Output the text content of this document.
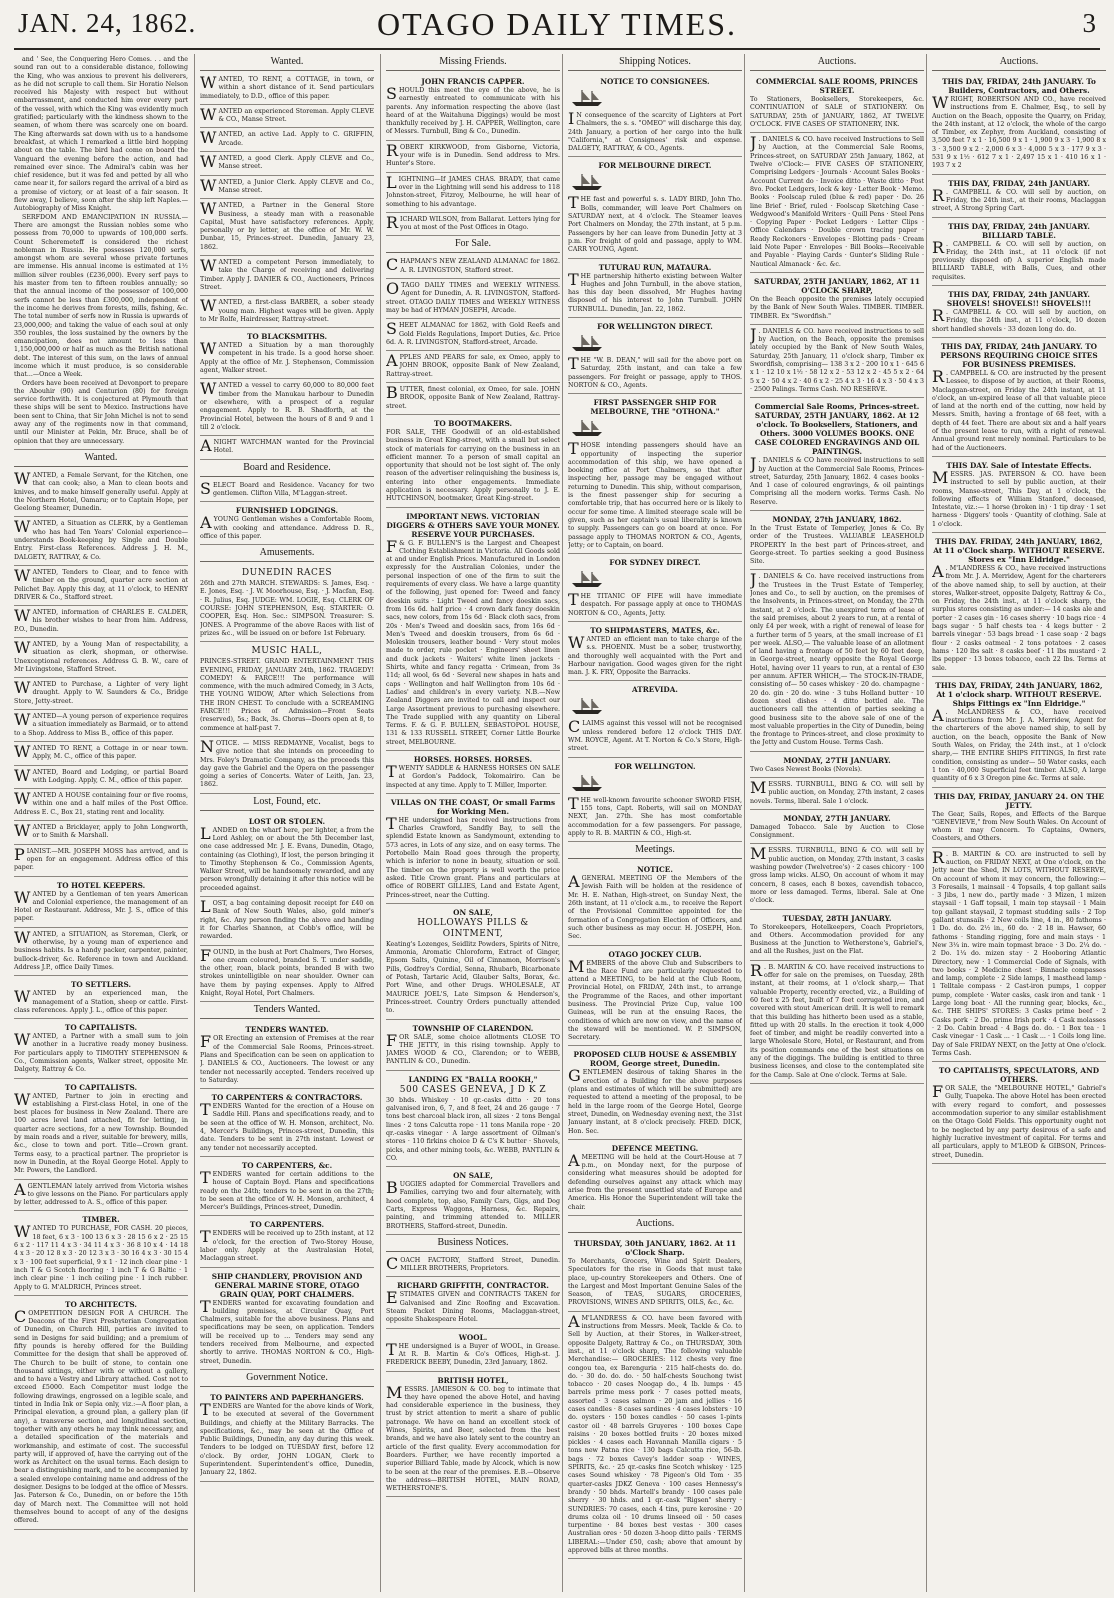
JAN. 24, 1862.	OTAGO DAILY TIMES.	3

and ' See, the Conquering Hero Comes. . . and the sound ran out to a considerable distance, following the King, who was anxious to prevent his deliverers, as he did not scruple to call them. Sir Horatio Nelson received his Majesty with respect but without embarrassment, and conducted him over every part of the vessel, with which the King was evidently much gratified; particularly with the kindness shown to the seamen, of whom there was scarcely one on board. The King afterwards sat down with us to a handsome breakfast, at which I remarked a little bird hopping about on the table. The bird had come on board the Vanguard the evening before the action, and had remained ever since. The Admiral's cabin was her chief residence, but it was fed and petted by all who came near it, for sailors regard the arrival of a bird as a promise of victory, or at least of a fair season. It flew away, I believe, soon after the ship left Naples.—Autobiography of Miss Knight.

SERFDOM AND EMANCIPATION IN RUSSIA.—There are amongst the Russian nobles some who possess from 70,000 to upwards of 100,000 serfs. Count Scheremeteff is considered the richest nobleman in Russia. He possesses 120,000 serfs, amongst whom are several whose private fortunes are immense. His annual income is estimated at 1½ million silver roubles (£236,000). Every serf pays to his master from ten to fifteen roubles annually; so that the annual income of the possessor of 100,000 serfs cannot be less than £300,000, independent of the income he derives from forests, mills, fishing, &c. The total number of serfs now in Russia is upwards of 23,000,000; and taking the value of each soul at only 350 roubles, the loss sustained by the owners by the emancipation, does not amount to less than 1,150,000,000 or half as much as the British national debt. The interest of this sum, on the laws of annual income which it must produce, is so considerable that...—Once a Week.

Orders have been received at Devonport to prepare the Abouhir (90) and Centurion (80) for foreign service forthwith. It is conjectured at Plymouth that these ships will be sent to Mexico. Instructions have been sent to China, that Sir John Michel is not to send away any of the regiments now in that command, until our Minister at Pekin, Mr. Bruce, shall be of opinion that they are unnecessary.

Wanted.
WANTED, a Female Servant, for the Kitchen, one that can cook; also, a Man to clean boots and knives, and to make himself generally useful. Apply at the Northern Hotel, Oamaru; or to Captain Hope, per Geelong Steamer, Dunedin.
WANTED, a Situation as CLERK, by a Gentleman who has had Ten Years' Colonial experience—understands Book-keeping by Single and Double Entry. First-class References. Address J. H. M., DALGETY, RATTRAY, & Co.
WANTED, Tenders to Clear, and to fence with timber on the ground, quarter acre section at Pelichet Bay. Apply this day, at 11 o'clock, to HENRY DRIVER & Co., Stafford street.
WANTED, information of CHARLES E. CALDER, his brother wishes to hear from him. Address, P.O., Dunedin.
WANTED, by a Young Man of respectability, a situation as clerk, shopman, or otherwise. Unexceptional references. Address G. B. W., care of Mr Livingstone, Stafford Street.
WANTED to Purchase, a Lighter of very light draught. Apply to W. Saunders & Co., Bridge Store, Jetty-street.
WANTED—A young person of experience requires a situation immediately as Barmaid, or to attend to a Shop. Address to Miss B., office of this paper.
WANTED TO RENT, a Cottage in or near town. Apply, M. C., office of this paper.
WANTED, Board and Lodging, or partial Board with Lodging. Apply, C. M., office of this paper.
WANTED A HOUSE containing four or five rooms, within one and a half miles of the Post Office. Address E. C., Box 21, stating rent and locality.
WANTED a Bricklayer, apply to John Longworth, or to Smith & Marshall.
PIANIST.—MR. JOSEPH MOSS has arrived, and is open for an engagement. Address office of this paper.
TO HOTEL KEEPERS.
WANTED by a Gentleman of ten years American and Colonial experience, the management of an Hotel or Restaurant. Address, Mr. J. S., office of this paper.
WANTED, a SITUATION, as Storeman, Clerk, or otherwise, by a young man of experience and business habits. Is a handy packer, carpenter, painter, bullock-driver, &c. Reference in town and Auckland. Address J.P., office Daily Times.
TO SETTLERS.
WANTED by an experienced man, the management of a Station, sheep or cattle. First-class references. Apply J. L., office of this paper.
TO CAPITALISTS.
WANTED, a Partner with a small sum to join another in a lucrative ready money business. For particulars apply to TIMOTHY STEPHENSON & Co., Commission agents, Walker street, opposite Mr. Dalgety, Rattray & Co.
TO CAPITALISTS.
WANTED, Partner to join in erecting and establishing a First-class Hotel, in one of the best places for business in New Zealand. There are 100 acres level land attached, fit for letting, in quarter acre sections, for a new Township. Bounded by main roads and a river, suitable for brewery, mills, &c., close to town and port. Title—Crown grant. Terms easy, to a practical partner. The proprietor is now in Dunedin, at the Royal George Hotel. Apply to Mr. Powers, the Landlord.
A GENTLEMAN lately arrived from Victoria wishes to give lessons on the Piano. For particulars apply by letter, addressed to A. S., office of this paper.
TIMBER.
WANTED TO PURCHASE, FOR CASH. 20 pieces, 18 feet, 6 x 3 · 100 13 6 x 3 · 28 15 6 x 2 · 25 15 6 x 2 · 117 11 4 x 3 · 34 11 4 x 3 · 36 8 10 x 4 · 14 18 4 x 3 · 20 12 8 x 3 · 20 12 3 x 3 · 30 16 4 x 3 · 30 15 4 x 3 · 100 feet superficial, 9 x 1 · 12 inch clear pine · 1 inch T & G Scotch flooring · 1 inch T & G Baltic · 1 inch clear pine · 1 inch ceiling pine · 1 inch rubber. Apply to G. M'ALDRICH, Princes street.
TO ARCHITECTS.
COMPETITION DESIGN FOR A CHURCH. The Deacons of the First Presbyterian Congregation of Dunedin, on Church Hill, parties are invited to send in Designs for said building; and a premium of fifty pounds is hereby offered for the Building Committee for the design that shall be approved of. The Church to be built of stone, to contain one thousand sittings, either with or without a gallery, and to have a Vestry and Library attached. Cost not to exceed £5000. Each Competitor must lodge the following drawings, engrossed on a legible scale, and tinted in India Ink or Sepia only, viz.:—A floor plan, a Principal elevation, a ground plan, a gallery plan (if any), a transverse section, and longitudinal section, together with any others he may think necessary, and a detailed specification of the materials and workmanship, and estimate of cost. The successful party will, if approved of, have the carrying out of the work as Architect on the usual terms. Each design to bear a distinguishing mark, and to be accompanied by a sealed envelope containing name and address of the designer. Designs to be lodged at the office of Messrs. Jas. Paterson & Co., Dunedin, on or before the 15th day of March next. The Committee will not hold themselves bound to accept of any of the designs offered.
Wanted.
WANTED, TO RENT, a COTTAGE, in town, or within a short distance of it. Send particulars immediately, to D.D., office of this paper.
WANTED an experienced Storeman. Apply CLEVE & CO., Manse Street.
WANTED, an active Lad. Apply to C. GRIFFIN, Arcade.
WANTED, a good Clerk. Apply CLEVE and Co., Manse street.
WANTED, a Junior Clerk. Apply CLEVE and Co., Manse street.
WANTED, a Partner in the General Store Business, a steady man with a reasonable Capital, Must have satisfactory references. Apply, personally or by letter, at the office of Mr. W. W. Dunbar, 15, Princes-street. Dunedin, January 23, 1862.
WANTED a competent Person immediately, to take the Charge of receiving and delivering Timber. Apply J. DANIER & CO., Auctioneers, Princes Street.
WANTED, a first-class BARBER, a sober steady young man. Highest wages will be given. Apply to Mr Rolfe, Hairdresser, Rattray-street.
TO BLACKSMITHS.
WANTED a Situation by a man thoroughly competent in his trade. Is a good horse shoer. Apply at the office of Mr. J. Stephenson, Commission agent, Walker street.
WANTED a vessel to carry 60,000 to 80,000 feet timber from the Manukau harbour to Dunedin or elsewhere, with a prospect of a regular engagement. Apply to R. B. Shadforth, at the Provincial Hotel, between the hours of 8 and 9 and 1 till 2 o'clock.
A NIGHT WATCHMAN wanted for the Provincial Hotel.
Board and Residence.
SELECT Board and Residence. Vacancy for two gentlemen. Clifton Villa, M'Laggan-street.
FURNISHED LODGINGS.
A YOUNG Gentleman wishes a Comfortable Room, with cooking and attendance. Address D. R., office of this paper.
Amusements.
DUNEDIN RACES
26th and 27th MARCH. STEWARDS: S. James, Esq. · E. Jones, Esq. · J. W. Moorhouse, Esq. · J. Macfan, Esq. · R. Julius, Esq. JUDGE: WM. LOGIE, Esq. CLERK OF COURSE: JOHN STEPHENSON, Esq. STARTER: O. COOPER, Esq. Hon. Sec.: SIMPSON. Treasurer: S. JONES. A Programme of the above Races with list of prizes &c., will be issued on or before 1st February.
MUSIC HALL,
PRINCES-STREET. GRAND ENTERTAINMENT THIS EVENING, FRIDAY, JANUARY 24th, 1862. TRAGEDY! COMEDY! & FARCE!!! The performance will commence, with the much admired Comedy, in 3 Acts, THE YOUNG WIDOW, After which Selections from THE IRON CHEST. To conclude with a SCREAMING FARCE!!! Prices of Admission—Front Seats (reserved), 5s.; Back, 3s. Chorus—Doors open at 8, to commence at half-past 7.
NOTICE. — MISS REDMAYNE, Vocalist, begs to give notice that she intends on proceeding to Mrs. Foley's Dramatic Company, as the proceeds this day gave the Gabriel and the Opera on the passenger going a series of Concerts. Water of Leith, Jan. 23, 1862.
Lost, Found, etc.
LOST OR STOLEN.
LANDED on the wharf here, per lighter, a from the Lord Ashley, on or about the 5th December last, one case addressed Mr. J. E. Evans, Dunedin, Otago, containing (as Clothing), If lost, the person bringing it to Timothy Stephenson & Co., Commission Agents, Walker Street, will be handsomely rewarded, and any person wrongfully detaining it after this notice will be proceeded against.
LOST, a bag containing deposit receipt for £40 on Bank of New South Wales, also, gold miner's right, &c. Any person finding the above and handing it for Charles Shannon, at Cobb's office, will be rewarded.
FOUND, in the bush at Port Chalmers, Two Horses, one cream coloured, branded S. T. under saddle, the other, roan, black points, branded B with two strokes unintelligible on near shoulder. Owner can have them by paying expenses. Apply to Alfred Knight, Royal Hotel, Port Chalmers.
Tenders Wanted.
TENDERS WANTED.
FOR Erecting an extension of Premises at the rear of the Commercial Sale Rooms, Princes-street. Plans and Specification can be seen on application to J. DANIELS & CO., Auctioneers. The lowest or any tender not necessarily accepted. Tenders received up to Saturday.
TO CARPENTERS & CONTRACTORS.
TENDERS Wanted for the erection of a House on Saddle Hill. Plans and specifications ready, and to be seen at the office of W. H. Monson, architect, No. 4, Mercer's Buildings, Princes-street, Dunedin, this date. Tenders to be sent in 27th instant. Lowest or any tender not necessarily accepted.
TO CARPENTERS, &c.
TENDERS wanted for certain additions to the house of Captain Boyd. Plans and specifications ready on the 24th; tenders to be sent in on the 27th; to be seen at the office of W. H. Monson, architect, 4 Mercer's Buildings, Princes-street, Dunedin.
TO CARPENTERS.
TENDERS will be received up to 25th instant, at 12 o'clock, for the erection of Two-Storey House, labor only. Apply at the Australasian Hotel, Maclaggan street.
SHIP CHANDLERY, PROVISION AND GENERAL MARINE STORE, OTAGO GRAIN QUAY, PORT CHALMERS.
TENDERS wanted for excavating foundation and building premises, at Circular Quay, Port Chalmers, suitable for the above business. Plans and specifications may be seen, on application. Tenders will be received up to ... Tenders may send any tenders received from Melbourne, and expected shortly to arrive. THOMAS NORTON & CO., High-street, Dunedin.
Government Notice.
TO PAINTERS AND PAPERHANGERS.
TENDERS are Wanted for the above kinds of Work, to be executed at several of the Government Buildings, and chiefly at the Military Barracks. The specifications, &c., may be seen at the Office of Public Buildings, Dunedin, any day during this week. Tenders to be lodged on TUESDAY first, before 12 o'clock. By order, JOHN LOGAN, Clerk to Superintendent. Superintendent's office, Dunedin, January 22, 1862.
Missing Friends.
JOHN FRANCIS CAPPER.
SHOULD this meet the eye of the above, he is earnestly entreated to communicate with his parents. Any information respecting the above (last heard of at the Waitahuna Diggings) would be most thankfully received by J. H. CAPPER, Wellington, care of Messrs. Turnbull, Bing & Co., Dunedin.
ROBERT KIRKWOOD, from Gisborne, Victoria, your wife is in Dunedin. Send address to Mrs. Hunter's Store.
LIGHTNING—If JAMES CHAS. BRADY, that came over in the Lightning will send his address to 118 Johnston-street, Fitzroy, Melbourne, he will hear of something to his advantage.
RICHARD WILSON, from Ballarat. Letters lying for you at most of the Post Offices in Otago.
For Sale.
CHAPMAN'S NEW ZEALAND ALMANAC for 1862. A. R. LIVINGSTON, Stafford street.
OTAGO DAILY TIMES and WEEKLY WITNESS. Agent for Dunedin, A. R. LIVINGSTON, Stafford-street. OTAGO DAILY TIMES and WEEKLY WITNESS may be had of HYMAN JOSEPH, Arcade.
SHEET ALMANAC for 1862, with Gold Reefs and Gold Fields Regulations, Import Duties, &c. Price 6d. A. R. LIVINGSTON, Stafford-street, Arcade.
APPLES AND PEARS for sale, ex Omeo, apply to JOHN BROOK, opposite Bank of New Zealand, Rattray-street.
BUTTER, finest colonial, ex Omeo, for sale. JOHN BROOK, opposite Bank of New Zealand, Rattray-street.
TO BOOTMAKERS.
FOR SALE, THE Goodwill of an old-established business in Great King-street, with a small but select stock of materials for carrying on the business in an efficient manner. To a person of small capital an opportunity that should not be lost sight of. The only reason of the advertiser relinquishing the business is, entering into other engagements. Immediate application is necessary. Apply personally to J. E. HUTCHINSON, bootmaker, Great King-street.
IMPORTANT NEWS. VICTORIAN DIGGERS & OTHERS SAVE YOUR MONEY. RESERVE YOUR PURCHASES.
F & G. F. BULLEN'S is the Largest and Cheapest Clothing Establishment in Victoria. All Goods sold at and under English Prices. Manufactured in London expressly for the Australian Colonies, under the personal inspection of one of the firm to suit the requirements of every class. We have a large quantity of the following, just opened for: Tweed and fancy doeskin suits · Light Tweed and fancy doeskin sacs, from 16s 6d. half price · 4 crown dark fancy doeskin sacs, new colors, from 15s 6d · Black cloth sacs, from 20s · Men's Tweed and doeskin sacs, from 16s 6d · Men's Tweed and doeskin trousers, from 6s 6d · Moleskin trousers, leather bound · Very stout moles made to order, rule pocket · Engineers' sheet linen and duck jackets · Waiters' white linen jackets · Shirts, white and fancy regatta · Crimean, from 3s 11d; all wool, 6s 6d · Several new shapes in hats and caps · Wellington and half Wellington from 10s 6d · Ladies' and children's in every variety. N.B.—New Zealand Diggers are invited to call and inspect our Large Assortment previous to purchasing elsewhere. The Trade supplied with any quantity on Liberal Terms. F. & G. F. BULLEN, SEBASTOPOL HOUSE, 131 & 133 RUSSELL STREET, Corner Little Bourke street, MELBOURNE.
HORSES. HORSES. HORSES.
TWENTY SADDLE & HARNESS HORSES ON SALE at Gordon's Paddock, Tokomairiro. Can be inspected at any time. Apply to T. Miller, Importer.
VILLAS ON THE COAST, Or small Farms for Working Men.
THE undersigned has received instructions from Charles Crawford, Sandfly Bay, to sell the splendid Estate known as Sandymount, extending to 573 acres, in Lots of any size, and on easy terms. The Portobello Main Road goes through the property, which is inferior to none in beauty, situation or soil. The timber on the property is well worth the price asked. Title Crown grant. Plans and particulars at office of ROBERT GILLIES, Land and Estate Agent, Princes-street, near the Cutting.
ON SALE,
HOLLOWAYS PILLS & OINTMENT,
Keating's Lozenges, Seidlitz Powders, Spirits of Nitre, Ammonia, Aromatic Chloroform, Extract of Ginger, Epsom Salts, Quinine, Oil of Cinnamon, Morrison's Pills, Godfrey's Cordial, Senna, Rhubarb, Bicarbonate of Potash, Tartaric Acid, Glauber Salts, Borax, &c. Port Wine, and other Drugs. WHOLESALE, AT MAURICE JOEL'S, Late Simpson & Henderson's, Princes-street. Country Orders punctually attended to.
TOWNSHIP OF CLARENDON.
FOR SALE, some choice allotments CLOSE TO THE JETTY, in this rising township. Apply to JAMES WOOD & CO., Clarendon; or to WEBB, PANTLIN & CO., Dunedin.
LANDING EX "BALLA ROOKH,"
500 CASES GENEVA, J D K Z
30 bhds. Whiskey · 10 qr.-casks ditto · 20 tons galvanised iron, 6, 7, and 8 feet, 24 and 26 gauge · 7 tons best charcoal black iron, all sizes · 2 tons Bengal lines · 2 tons Calcutta rope · 11 tons Manila rope · 20 qr.-casks vinegar · A large assortment of Oilman's stores · 110 firkins choice D & C's K butter · Shovels, picks, and other mining tools, &c. WEBB, PANTLIN & CO.
ON SALE,
BUGGIES adapted for Commercial Travellers and Families, carrying two and four alternately, with hood complete, top, also, Family Cars, Gigs, and Dog Carts, Express Waggons, Harness, &c. Repairs, painting, and trimming attended to. MILLER BROTHERS, Stafford-street, Dunedin.
Business Notices.
COACH FACTORY, Stafford Street, Dunedin. MILLER BROTHERS, Proprietors.
RICHARD GRIFFITH, CONTRACTOR.
ESTIMATES GIVEN and CONTRACTS TAKEN for Galvanised and Zinc Roofing and Excavation. Steam Packet Dining Rooms, Maclaggan-street, opposite Shakespeare Hotel.
WOOL.
THE undersigned is a Buyer of WOOL, in Grease. At R. B. Martin & Co's Offices, High-st. J. FREDERICK BEEBY, Dunedin, 23rd January, 1862.
BRITISH HOTEL,
MESSRS. JAMIESON & CO. beg to intimate that they have opened the above Hotel, and having had considerable experience in the business, they trust by strict attention to merit a share of public patronage. We have on hand an excellent stock of Wines, Spirits, and Beer, selected from the best brands, and we have also lately sent to the country an article of the first quality. Every accommodation for Boarders. Further, we have recently imported a superior Billiard Table, made by Alcock, which is now to be seen at the rear of the premises. E.B.—Observe the address—BRITISH HOTEL, MAIN ROAD, WETHERSTONE'S.
Shipping Notices.
NOTICE TO CONSIGNEES.
I N consequence of the scarcity of Lighters at Port Chalmers, the s. s. "OMEO" will discharge this day, 24th January, a portion of her cargo into the hulk "California," at Consignees' risk and expense. DALGETY, RATTRAY, & CO., Agents.
FOR MELBOURNE DIRECT.
THE fast and powerful s. s. LADY BIRD, John Tho. Bolls, commander, will leave Port Chalmers on SATURDAY next, at 4 o'clock. The Steamer leaves Port Chalmers on Monday, the 27th instant, at 5 p.m. Passengers by her can leave from Dunedin Jetty at 3 p.m. For freight of gold and passage, apply to WM. CARR YOUNG, Agent.
TUTURAU RUN, MATAURA.
THE partnership hitherto existing between Walter Hughes and John Turnbull, in the above station, has this day been dissolved, Mr Hughes having disposed of his interest to John Turnbull. JOHN TURNBULL. Dunedin, Jan. 22, 1862.
FOR WELLINGTON DIRECT.
THE "W. B. DEAN," will sail for the above port on Saturday, 25th instant, and can take a few passengers. For freight or passage, apply to THOS. NORTON & CO., Agents.
FIRST PASSENGER SHIP FOR MELBOURNE, THE "OTHONA."
THOSE intending passengers should have an opportunity of inspecting the superior accommodation of this ship, we have opened a booking office at Port Chalmers, so that after inspecting her, passage may be engaged without returning to Dunedin. This ship, without comparison, is the finest passenger ship for securing a comfortable trip, that has occurred here or is likely to occur for some time. A limited steerage scale will be given, such as her captain's usual liberality is known to supply. Passengers can go on board at once. For passage apply to THOMAS NORTON & CO., Agents, Jetty; or to Captain, on board.
FOR SYDNEY DIRECT.
THE TITANIC OF FIFE will have immediate despatch. For passage apply at once to THOMAS NORTON & CO., Agents, Jetty.
TO SHIPMASTERS, MATES, &c.
WANTED an efficient man to take charge of the s.s. PHOENIX. Must be a sober, trustworthy, and thoroughly well acquainted with the Port and Harbour navigation. Good wages given for the right man. J. K. FRY, Opposite the Barracks.
ATREVIDA.
CLAIMS against this vessel will not be recognised unless rendered before 12 o'clock THIS DAY. WM. ROYCE, Agent. At T. Norton & Co.'s Store, High-street.
FOR WELLINGTON.
THE well-known favourite schooner SWORD FISH, 155 tons, Capt. Roberts, will sail on MONDAY NEXT, Jan. 27th. She has most comfortable accommodation for a few passengers. For passage, apply to R. B. MARTIN & CO., High-st.
Meetings.
NOTICE.
A GENERAL MEETING OF the Members of the Jewish Faith will be holden at the residence of Mr. H. E. Nathan, High-street, on Sunday Next, the 26th instant, at 11 o'clock a.m., to receive the Report of the Provisional Committee appointed for the formation of a Congregation Election of Officers, and such other business as may occur. H. JOSEPH, Hon. Sec.
OTAGO JOCKEY CLUB.
MEMBERS of the above Club and Subscribers to the Race Fund are particularly requested to attend a MEETING, to be held at the Club Room, Provincial Hotel, on FRIDAY, 24th inst., to arrange the Programme of the Races, and other important business. The Provincial Prize Cup, value 100 Guineas, will be run at the ensuing Races, the conditions of which are now on view, and the name of the steward will be mentioned. W. P. SIMPSON, Secretary.
PROPOSED CLUB HOUSE & ASSEMBLY ROOM, George street, Dunedin.
GENTLEMEN desirous of taking Shares in the erection of a Building for the above purposes (plans and estimates of which will be submitted) are requested to attend a meeting of the proposal, to be held in the large room of the George Hotel, George street, Dunedin, on Wednesday evening next, the 31st January instant, at 8 o'clock precisely. FRED. DICK, Hon. Sec.
DEFENCE MEETING.
A MEETING will be held at the Court-House at 7 p.m., on Monday next, for the purpose of considering what measures should be adopted for defending ourselves against any attack which may arise from the present unsettled state of Europe and America. His Honor the Superintendent will take the chair.
Auctions.
THURSDAY, 30th JANUARY, 1862. At 11 o'Clock Sharp.
To Merchants, Grocers, Wine and Spirit Dealers, Speculators for the rise in Goods that must take place, up-country Storekeepers and Others. One of the Largest and Most Important Genuine Sales of the Season, of TEAS, SUGARS, GROCERIES, PROVISIONS, WINES AND SPIRITS, OILS, &c., &c.
A M'LANDRESS & CO. have been favored with instructions from Messrs. Meek, Tackle & Co. to Sell by Auction, at their Stores, in Walker-street, opposite Dalgety, Rattray & Co., on THURSDAY, 30th inst., at 11 o'clock sharp, The following valuable Merchandise:— GROCERIES: 112 chests very fine congou tea, ex Barenguria · 215 half-chests do. do. do. · 30 do. do. do. · 50 half-chests Souchong twist tobacco · 20 cases Noogap do., 4 lb. lumps · 45 barrels prime mess pork · 7 cases potted meats, assorted · 3 cases salmon · 20 jam and jellies · 16 cases candles · 8 cases sardines · 4 cases lobsters · 10 do. oysters · 150 boxes candles · 50 cases 1-pints castor oil · 48 barrels Gruyeres · 100 boxes Cape raisins · 20 boxes bottled fruits · 20 boxes mixed pickles · 4 cases each Havannah Manilla cigars · 5 tons new Patna rice · 130 bags Calcutta rice, 56-lb. bags · 72 boxes Cavey's ladder soap · WINES, SPIRITS, &c. · 25 qr.-casks fine Scotch whiskey · 125 cases Sound whiskey · 78 Pigeon's Old Tom · 35 quarter-casks JDKZ Geneva · 100 cases Hennessy's brandy · 50 bhds. Martell's brandy · 100 cases pale sherry · 30 hhds. and 1 qr.-cask "Rigsen" sherry · SUNDRIES: 70 cases, each 4 tins, pure kerosine · 20 drums colza oil · 10 drums linseed oil · 50 cases turpentine · 84 boxes best vestas · 300 cases Australian ores · 50 dozen 3-hoop ditto pails · TERMS LIBERAL:—Under £50, cash; above that amount by approved bills at three months.
Auctions.
COMMERCIAL SALE ROOMS, PRINCES STREET.
To Stationers, Booksellers, Storekeepers, &c. CONTINUATION of SALE of STATIONERY. On SATURDAY, 25th of JANUARY, 1862, AT TWELVE O'CLOCK. FIVE CASES OF STATIONERY, INK.
J . DANIELS & CO. have received Instructions to Sell by Auction, at the Commercial Sale Rooms, Princes-street, on SATURDAY 25th January, 1862, at Twelve o'Clock:— FIVE CASES OF STATIONERY, Comprising Ledgers · Journals · Account Sales Books · Account Current do · Invoice ditto · Waste ditto · Post 8vo. Pocket Ledgers, lock & key · Letter Book · Memo. Books · Foolscap ruled (blue & red) paper · Do. 26 line Brief · Brief, ruled · Foolscap Sketching Case · Wedgwood's Manifold Writers · Quill Pens · Steel Pens · Copying Paper · Pocket Ledgers · Letter Clips · Office Calendars · Double crown tracing paper · Ready Reckoners · Envelopes · Blotting pads · Cream laid Note Paper · Envelopes · Bill Books—Receivable and Payable · Playing Cards · Gunter's Sliding Rule · Nautical Almanack · &c. &c.
SATURDAY, 25TH JANUARY, 1862, AT 11 O'CLOCK SHARP,
On the Beach opposite the premises lately occupied by the Bank of New South Wales. TIMBER. TIMBER. TIMBER. Ex "Swordfish."
J . DANIELS & CO. have received instructions to sell by Auction, on the Beach, opposite the premises lately occupied by the Bank of New South Wales, Saturday, 25th January, 11 o'clock sharp, Timber ex Swordfish, comprising— 138 3 x 2 · 200 10 x 1 · 645 6 x 1 · 12 10 x 1½ · 58 12 x 2 · 53 12 x 2 · 45 5 x 2 · 64 5 x 2 · 50 4 x 2 · 40 6 x 2 · 25 4 x 3 · 16 4 x 3 · 50 4 x 3 · 2500 Palings. Terms Cash. NO RESERVE.
Commercial Sale Rooms, Princes-street. SATURDAY, 25TH JANUARY, 1862. At 12 o'clock. To Booksellers, Stationers, and Others. 3000 VOLUMES BOOKS. ONE CASE COLORED ENGRAVINGS AND OIL PAINTINGS.
J . DANIELS & CO have received instructions to sell by Auction at the Commercial Sale Rooms, Princes-street, Saturday, 25th January, 1862. 4 cases books · And 1 case of coloured engravings, & oil paintings Comprising all the modern works. Terms Cash. No Reserve.
MONDAY, 27th JANUARY, 1862.
In the Trust Estate of Temperley, Jones & Co. By order of the Trustees. VALUABLE LEASEHOLD PROPERTY In the best part of Princes-street, and George-street. To parties seeking a good Business Site.
J . DANIELS & Co. have received instructions from the Trustees in the Trust Estate of Temperley, Jones and Co., to sell by auction, on the premises of the Insolvents, in Princes-street, on Monday, the 27th instant, at 2 o'clock. The unexpired term of lease of the said premises, about 2 years to run, at a rental of only £4 per week, with a right of renewal of lease for a further term of 5 years, at the small increase of £1 per week. ALSO,— The valuable lease of an allotment of land having a frontage of 50 feet by 60 feet deep, in George-street, nearly opposite the Royal George Hotel, having over 11 years to run, at a rental of £30 per annum. AFTER WHICH,— The STOCK-IN-TRADE, consisting of— 50 cases whiskey · 20 do. champagne · 20 do. gin · 20 do. wine · 3 tubs Holland butter · 10 dozen steel dishes · 4 ditto bottled ale. The auctioneers call the attention of parties seeking a good business site to the above sale of one of the most valuable properties in the City of Dunedin, being the frontage to Princes-street, and close proximity to the Jetty and Custom House. Terms Cash.
MONDAY, 27TH JANUARY.
Two Cases Newest Books (Novels).
MESSRS. TURNBULL, BING & CO. will sell by public auction, on Monday, 27th instant, 2 cases novels. Terms, liberal. Sale 1 o'clock.
MONDAY, 27TH JANUARY.
Damaged Tobacco. Sale by Auction to Close Consignment.
MESSRS. TURNBULL, BING & CO. will sell by public auction, on Monday, 27th instant, 3 casks washing powder (Twelvetree's) · 2 cases chicory · 100 gross lamp wicks. ALSO, On account of whom it may concern, 8 cases, each 8 boxes, cavendish tobacco, more or less damaged. Terms, liberal. Sale at One o'clock.
TUESDAY, 28TH JANUARY.
To Storekeepers, Hotelkeepers, Coach Proprietors, and Others. Accommodation provided for any Business at the Junction to Wetherstone's, Gabriel's, and all the Rushes, just on the Flat.
R . B. MARTIN & CO. have received instructions to offer for sale on the premises, on Tuesday, 28th instant, at their rooms, at 1 o'clock sharp,— That valuable Property, recently erected, viz., a Building of 60 feet x 25 feet, built of 7 feet corrugated iron, and covered with stout American drill. It is well to remark that this building has hitherto been used as a stable, fitted up with 20 stalls. In the erection it took 4,000 feet of timber, and might be readily converted into a large Wholesale Store, Hotel, or Restaurant, and from its position commands one of the best situations on any of the diggings. The building is entitled to three business licenses, and close to the contemplated site for the Camp. Sale at One o'clock. Terms at Sale.
Auctions.
THIS DAY, FRIDAY, 24th JANUARY. To Builders, Contractors, and Others.
WRIGHT, ROBERTSON AND CO., have received instructions from E. Chalmer, Esq., to sell by Auction on the Beach, opposite the Quarry, on Friday, the 24th instant, at 12 o'clock, the whole of the cargo of Timber, ex Zephyr, from Auckland, consisting of 3,500 feet 7 x 1 · 16,500 9 x 1 · 1,900 9 x 3 · 1,900 8 x 3 · 3,500 9 x 2 · 2,000 6 x 3 · 4,000 5 x 3 · 177 9 x 3 · 531 9 x 1½ · 612 7 x 1 · 2,497 15 x 1 · 410 16 x 1 · 193 7 x 2
THIS DAY, FRIDAY, 24th JANUARY.
R . CAMPBELL & CO. will sell by auction, on Friday, the 24th inst., at their rooms, Maclaggan street, A Strong Spring Cart.
THIS DAY, FRIDAY, 24th JANUARY. BILLIARD TABLE.
R . CAMPBELL & CO. will sell by auction, on Friday, the 24th inst., at 11 o'clock (if not previously disposed of) A superior English made BILLIARD TABLE, with Balls, Cues, and other requisites.
THIS DAY, FRIDAY, 24th JANUARY. SHOVELS! SHOVELS!! SHOVELS!!!
R . CAMPBELL & CO. will sell by auction, on Friday, the 24th inst., at 11 o'clock, 10 dozen short handled shovels · 33 dozen long do. do.
THIS DAY, FRIDAY, 24th JANUARY. TO PERSONS REQUIRING CHOICE SITES FOR BUSINESS PREMISES.
R . CAMPBELL & CO. are instructed by the present Lessee, to dispose of by auction, at their Rooms, Maclaggan-street, on Friday the 24th instant, at 11 o'clock, an un-expired lease of all that valuable piece of land at the north end of the cutting, now held by Messrs. Smith, having a frontage of 68 feet, with a depth of 44 feet. There are about six and a half years of the present lease to run, with a right of renewal. Annual ground rent merely nominal. Particulars to be had of the Auctioneers.
THIS DAY. Sale of Intestate Effects.
MESSRS. JAS. PATERSON & CO. have been instructed to sell by public auction, at their rooms, Manse-street, This Day, at 1 o'clock, the following effects of William Stanford, deceased, Intestate, viz.:— 1 horse (broken in) · 1 tip dray · 1 set harness · Diggers' tools · Quantity of clothing. Sale at 1 o'clock.
THIS DAY. FRIDAY, 24th JANUARY, 1862, At 11 o'Clock sharp. WITHOUT RESERVE. Stores ex "Inn Eldridge."
A . M'LANDRESS & CO., have received instructions from Mr. J. A. Merridew, Agent for the charterers of the above named ship, to sell by auction, at their stores, Walker-street, opposite Dalgety, Rattray & Co., on Friday, the 24th inst., at 11 o'clock sharp, the surplus stores consisting as under:— 14 casks ale and porter · 2 cases gin · 16 cases sherry · 10 bags rice · 4 bags sugar · 5 half chests tea · 4 kegs butter · 2 barrels vinegar · 53 bags bread · 1 case soap · 2 bags flour · 2 casks oatmeal · 2 tons potatoes · 2 cases hams · 120 lbs salt · 8 casks beef · 11 lbs mustard · 2 lbs pepper · 13 boxes tobacco, each 22 lbs. Terms at sale.
THIS DAY, FRIDAY, 24th JANUARY, 1862, At 1 o'clock sharp. WITHOUT RESERVE. Ships Fittings ex "Inn Eldridge."
A . McLANDRESS & CO., have received instructions from Mr. J. A. Merridew, Agent for the charterers of the above named ship, to sell by auction, on the beach, opposite the Bank of New South Wales, on Friday, the 24th inst., at 1 o'clock sharp,— THE ENTIRE SHIPS FITTINGS, In first rate condition, consisting as under— 50 Water casks, each 1 ton · 40,000 Superficial feet timber. ALSO, A large quantity of 6 x 3 Oregon pine &c. Terms at sale.
THIS DAY, FRIDAY, JANUARY 24. ON THE JETTY.
The Gear, Sails, Ropes, and Effects of the Barque "GENEVIEVE," from New South Wales. On Account of whom it may Concern. To Captains, Owners, Coasters, and Others.
R . B. MARTIN & CO. are instructed to sell by auction, on FRIDAY NEXT, at One o'clock, on the Jetty near the Shed, IN LOTS, WITHOUT RESERVE, On account of whom it may concern, the following:— 3 Foresails, 1 mainsail · 4 Topsails, 4 top gallant sails · 3 Jibs, 1 new do., partly made · 3 Mizen, 1 mizen staysail · 1 Gaff topsail, 1 main top staysail · 1 Main top gallant staysail, 2 topmast studding sails · 2 Top gallant stunsails · 2 New coils line, 4 in., 80 fathoms · 1 Do. do. do. 2½ in., 60 do. · 2 18 in. Hawser, 60 fathoms · Standing rigging, fore and main stays · 1 New 3¼ in. wire main topmast brace · 3 Do. 2¼ do. · 2 Do. 1¼ do. mizen stay · 2 Hooboring Atlantic Directory, new · 1 Commercial Code of Signals, with two books · 2 Medicine chest · Binnacle compasses and lamp, complete · 2 Side lamps, 1 masthead lamp · 1 Telltale compass · 2 Cast-iron pumps, 1 copper pump, complete · Water casks, cask iron and tank · 1 Large long boat · All the running gear, blocks, &c., &c. THE SHIPS' STORES: 3 Casks prime beef · 2 Casks pork · 2 Do. prime Irish pork · 4 Cask molasses · 2 Do. Cabin bread · 4 Bags do. do. · 1 Box tea · 1 Cask vinegar · 1 Cask ... · 1 Cask ... · 1 Coils long line. Day of Sale FRIDAY NEXT, on the Jetty at One o'clock. Terms Cash.
TO CAPITALISTS, SPECULATORS, AND OTHERS.
FOR SALE, the "MELBOURNE HOTEL," Gabriel's Gully, Tuapeka. The above Hotel has been erected with every regard to comfort, and possesses accommodation superior to any similar establishment on the Otago Gold Fields. This opportunity ought not to be neglected by any party desirous of a safe and highly lucrative investment of capital. For terms and all particulars, apply to M'LEOD & GIBSON, Princes-street, Dunedin.
